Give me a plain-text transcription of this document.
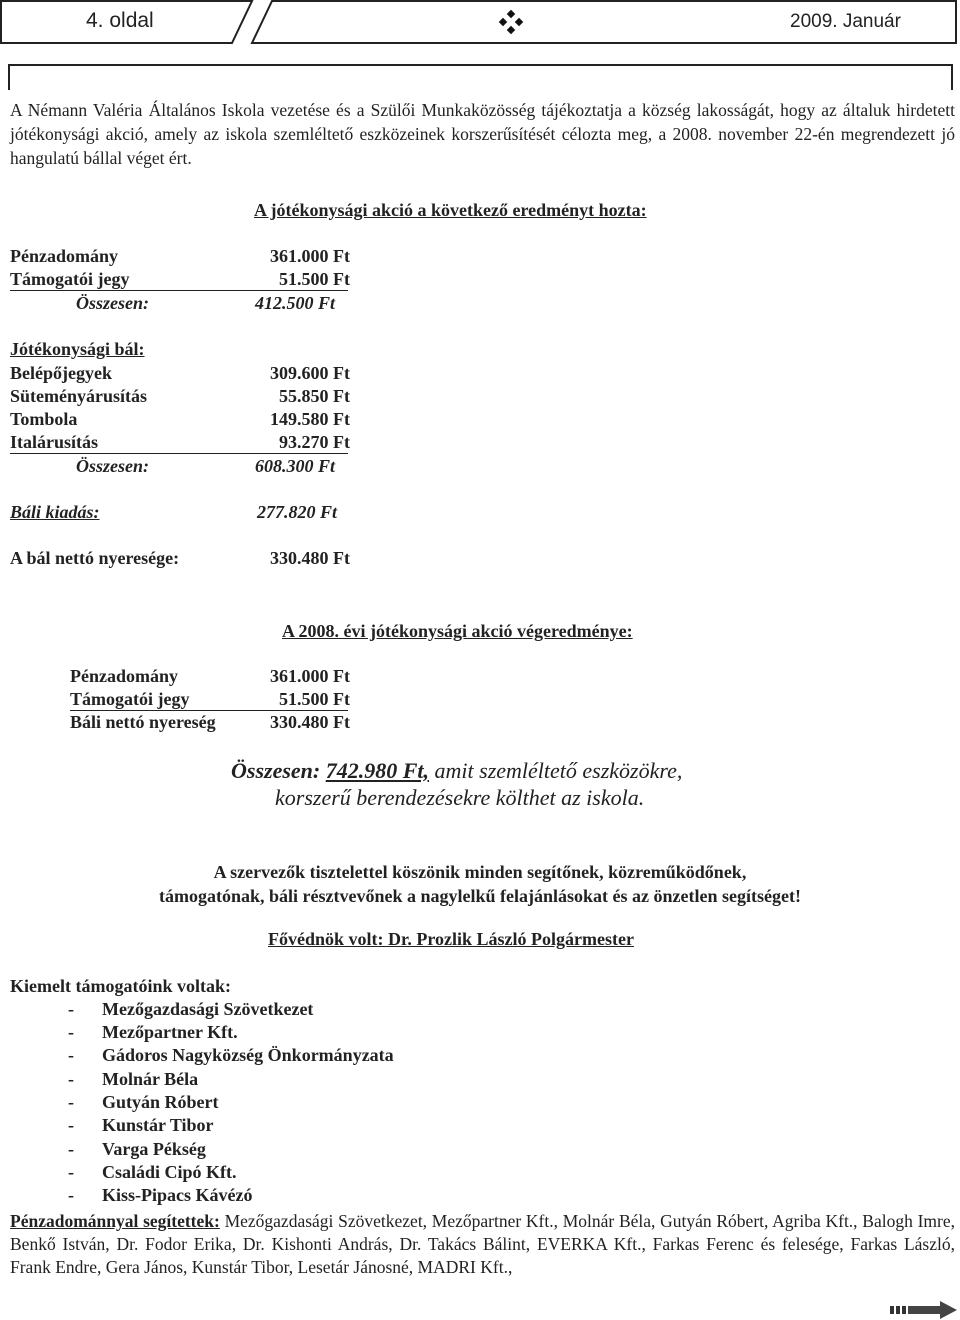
4. oldal	2009. Január
A Némann Valéria Általános Iskola vezetése és a Szülői Munkaközösség tájékoztatja a község lakosságát, hogy az általuk hirdetett jótékonysági akció, amely az iskola szemléltető eszközeinek korszerűsítését célozta meg, a 2008. november 22-én megrendezett jó hangulatú bállal véget ért.
A jótékonysági akció a következő eredményt hozta:
Pénzadomány	361.000 Ft
Támogatói jegy	51.500 Ft
Összesen:	412.500 Ft
Jótékonysági bál:
Belépőjegyek	309.600 Ft
Süteményárusítás	55.850 Ft
Tombola	149.580 Ft
Italárusítás	93.270 Ft
Összesen:	608.300 Ft
Báli kiadás:	277.820 Ft
A bál nettó nyeresége:	330.480 Ft
A 2008. évi jótékonysági akció végeredménye:
Pénzadomány	361.000 Ft
Támogatói jegy	51.500 Ft
Báli nettó nyereség	330.480 Ft
Összesen: 742.980 Ft, amit szemléltető eszközökre,
korszerű berendezésekre költhet az iskola.
A szervezők tisztelettel köszönik minden segítőnek, közreműködőnek,
támogatónak, báli résztvevőnek a nagylelkű felajánlásokat és az önzetlen segítséget!
Fővédnök volt: Dr. Prozlik László Polgármester
Kiemelt támogatóink voltak:
- Mezőgazdasági Szövetkezet
- Mezőpartner Kft.
- Gádoros Nagyközség Önkormányzata
- Molnár Béla
- Gutyán Róbert
- Kunstár Tibor
- Varga Pékség
- Családi Cipó Kft.
- Kiss-Pipacs Kávézó
Pénzadománnyal segítettek: Mezőgazdasági Szövetkezet, Mezőpartner Kft., Molnár Béla, Gutyán Róbert, Agriba Kft., Balogh Imre, Benkő István, Dr. Fodor Erika, Dr. Kishonti András, Dr. Takács Bálint, EVERKA Kft., Farkas Ferenc és felesége, Farkas László, Frank Endre, Gera János, Kunstár Tibor, Lesetár Jánosné, MADRI Kft.,
